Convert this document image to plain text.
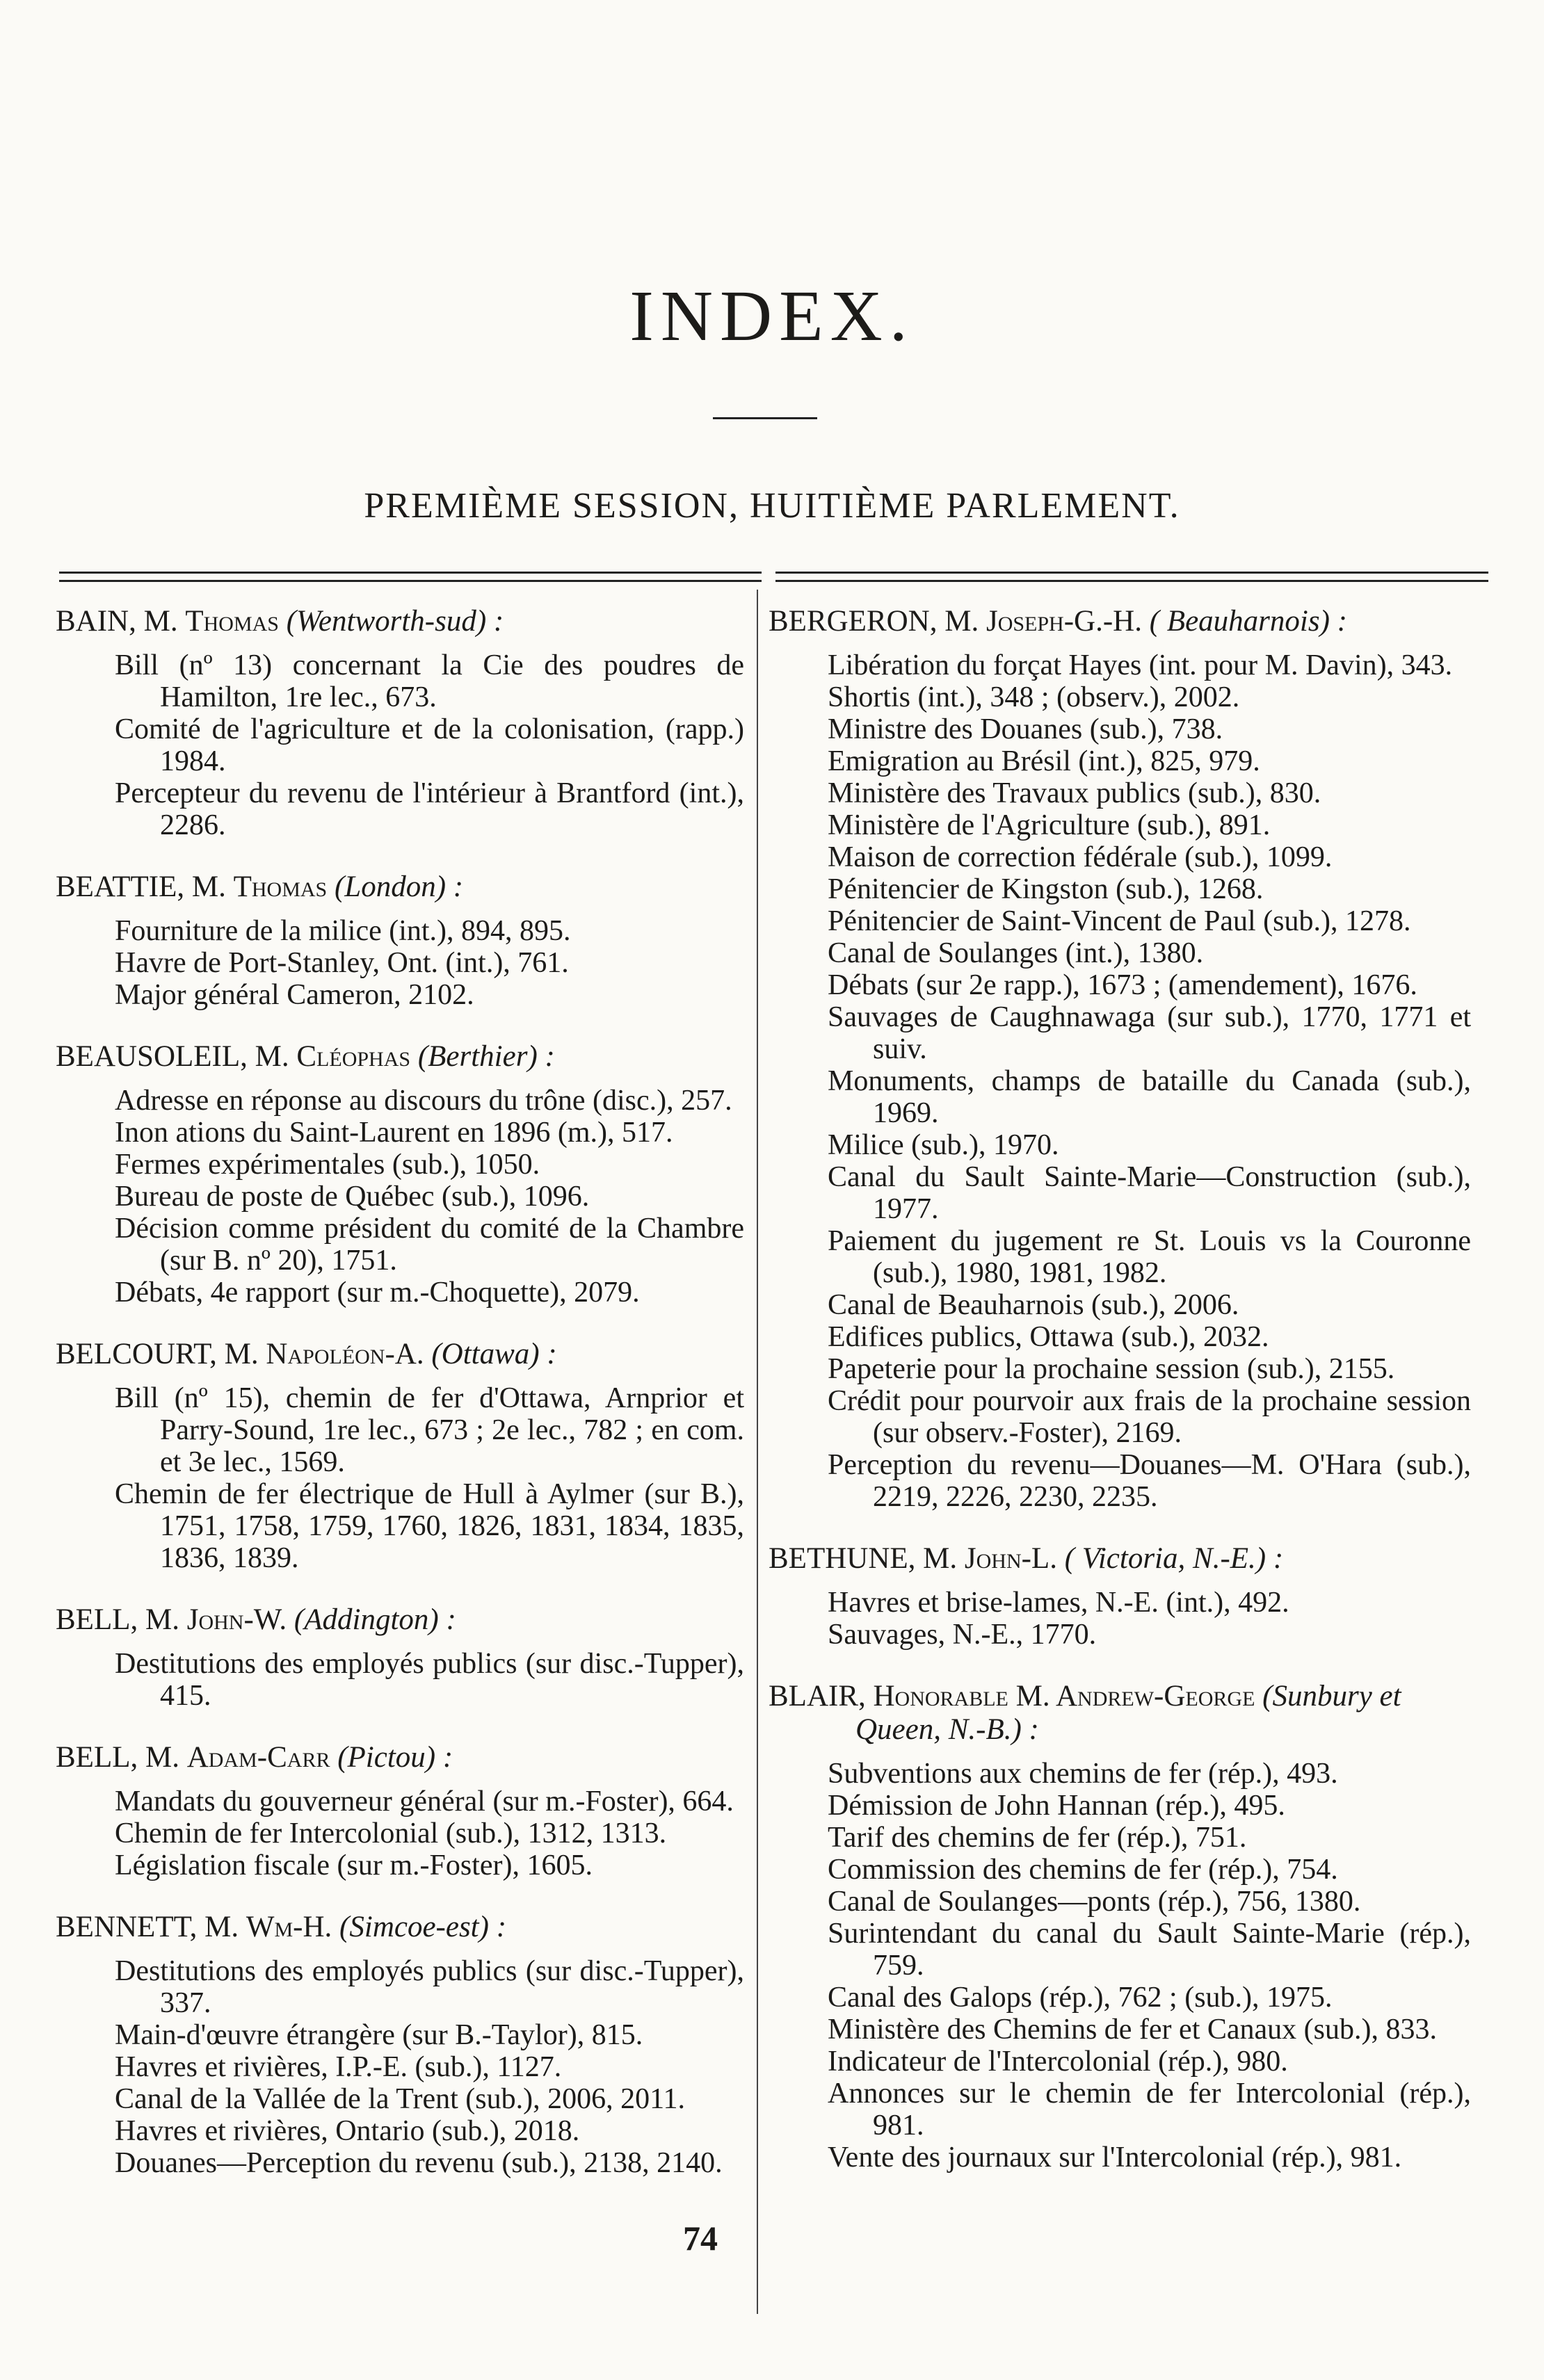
INDEX.
PREMIÈME SESSION, HUITIÈME PARLEMENT.

BAIN, M. Thomas (Wentworth-sud) :

Bill (nº 13) concernant la Cie des poudres de Hamilton, 1re lec., 673.

Comité de l'agriculture et de la colonisation, (rapp.) 1984.

Percepteur du revenu de l'intérieur à Brantford (int.), 2286.

BEATTIE, M. Thomas (London) :

Fourniture de la milice (int.), 894, 895.

Havre de Port-Stanley, Ont. (int.), 761.

Major général Cameron, 2102.

BEAUSOLEIL, M. Cléophas (Berthier) :

Adresse en réponse au discours du trône (disc.), 257.

Inon ations du Saint-Laurent en 1896 (m.), 517.

Fermes expérimentales (sub.), 1050.

Bureau de poste de Québec (sub.), 1096.

Décision comme président du comité de la Chambre (sur B. nº 20), 1751.

Débats, 4e rapport (sur m.-Choquette), 2079.

BELCOURT, M. Napoléon-A. (Ottawa) :

Bill (nº 15), chemin de fer d'Ottawa, Arnprior et Parry-Sound, 1re lec., 673 ; 2e lec., 782 ; en com. et 3e lec., 1569.

Chemin de fer électrique de Hull à Aylmer (sur B.), 1751, 1758, 1759, 1760, 1826, 1831, 1834, 1835, 1836, 1839.

BELL, M. John-W. (Addington) :

Destitutions des employés publics (sur disc.-Tupper), 415.

BELL, M. Adam-Carr (Pictou) :

Mandats du gouverneur général (sur m.-Foster), 664.

Chemin de fer Intercolonial (sub.), 1312, 1313.

Législation fiscale (sur m.-Foster), 1605.

BENNETT, M. Wm-H. (Simcoe-est) :

Destitutions des employés publics (sur disc.-Tupper), 337.

Main-d'œuvre étrangère (sur B.-Taylor), 815.

Havres et rivières, I.P.-E. (sub.), 1127.

Canal de la Vallée de la Trent (sub.), 2006, 2011.

Havres et rivières, Ontario (sub.), 2018.

Douanes—Perception du revenu (sub.), 2138, 2140.

BERGERON, M. Joseph-G.-H. ( Beauharnois) :

Libération du forçat Hayes (int. pour M. Davin), 343.

Shortis (int.), 348 ; (observ.), 2002.

Ministre des Douanes (sub.), 738.

Emigration au Brésil (int.), 825, 979.

Ministère des Travaux publics (sub.), 830.

Ministère de l'Agriculture (sub.), 891.

Maison de correction fédérale (sub.), 1099.

Pénitencier de Kingston (sub.), 1268.

Pénitencier de Saint-Vincent de Paul (sub.), 1278.

Canal de Soulanges (int.), 1380.

Débats (sur 2e rapp.), 1673 ; (amendement), 1676.

Sauvages de Caughnawaga (sur sub.), 1770, 1771 et suiv.

Monuments, champs de bataille du Canada (sub.), 1969.

Milice (sub.), 1970.

Canal du Sault Sainte-Marie—Construction (sub.), 1977.

Paiement du jugement re St. Louis vs la Couronne (sub.), 1980, 1981, 1982.

Canal de Beauharnois (sub.), 2006.

Edifices publics, Ottawa (sub.), 2032.

Papeterie pour la prochaine session (sub.), 2155.

Crédit pour pourvoir aux frais de la prochaine session (sur observ.-Foster), 2169.

Perception du revenu—Douanes—M. O'Hara (sub.), 2219, 2226, 2230, 2235.

BETHUNE, M. John-L. ( Victoria, N.-E.) :

Havres et brise-lames, N.-E. (int.), 492.

Sauvages, N.-E., 1770.

BLAIR, Honorable M. Andrew-George (Sunbury et Queen, N.-B.) :

Subventions aux chemins de fer (rép.), 493.

Démission de John Hannan (rép.), 495.

Tarif des chemins de fer (rép.), 751.

Commission des chemins de fer (rép.), 754.

Canal de Soulanges—ponts (rép.), 756, 1380.

Surintendant du canal du Sault Sainte-Marie (rép.), 759.

Canal des Galops (rép.), 762 ; (sub.), 1975.

Ministère des Chemins de fer et Canaux (sub.), 833.

Indicateur de l'Intercolonial (rép.), 980.

Annonces sur le chemin de fer Intercolonial (rép.), 981.

Vente des journaux sur l'Intercolonial (rép.), 981.

74
